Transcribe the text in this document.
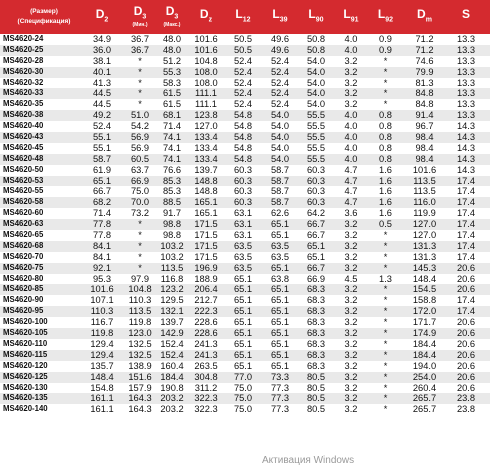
(Размер)
(Спецификация)
$D_2$
$D_3$
(Мин.)
$D_3$
(Макс.)
$D_z$ $L_{12}$ $L_{39}$ $L_{90}$ $L_{91}$ $L_{92}$ $D_m$	S
MS4620-24	34.9	36.7	48.0	101.6	50.5	49.6	50.8	4.0	0.9	71.2	13.3
MS4620-25	36.0	36.7	48.0	101.6	50.5	49.6	50.8	4.0	0.9	71.2	13.3
MS4620-28	38.1	*	51.2	104.8	52.4	52.4	54.0	3.2	*	74.6	13.3
MS4620-30	40.1	*	55.3	108.0	52.4	52.4	54.0	3.2	*	79.9	13.3
MS4620-32	41.3	*	58.3	108.0	52.4	52.4	54.0	3.2	*	81.3	13.3
MS4620-33	44.5	*	61.5	111.1	52.4	52.4	54.0	3.2	*	84.8	13.3
MS4620-35	44.5	*	61.5	111.1	52.4	52.4	54.0	3.2	*	84.8	13.3
MS4620-38	49.2	51.0	68.1	123.8	54.8	54.0	55.5	4.0	0.8	91.4	13.3
MS4620-40	52.4	54.2	71.4	127.0	54.8	54.0	55.5	4.0	0.8	96.7	14.3
MS4620-43	55.1	56.9	74.1	133.4	54.8	54.0	55.5	4.0	0.8	98.4	14.3
MS4620-45	55.1	56.9	74.1	133.4	54.8	54.0	55.5	4.0	0.8	98.4	14.3
MS4620-48	58.7	60.5	74.1	133.4	54.8	54.0	55.5	4.0	0.8	98.4	14.3
MS4620-50	61.9	63.7	76.6	139.7	60.3	58.7	60.3	4.7	1.6	101.6	14.3
MS4620-53	65.1	66.9	85.3	148.8	60.3	58.7	60.3	4.7	1.6	113.5	17.4
MS4620-55	66.7	75.0	85.3	148.8	60.3	58.7	60.3	4.7	1.6	113.5	17.4
MS4620-58	68.2	70.0	88.5	165.1	60.3	58.7	60.3	4.7	1.6	116.0	17.4
MS4620-60	71.4	73.2	91.7	165.1	63.1	62.6	64.2	3.6	1.6	119.9	17.4
MS4620-63	77.8	*	98.8	171.5	63.1	65.1	66.7	3.2	0.5	127.0	17.4
MS4620-65	77.8	*	98.8	171.5	63.1	65.1	66.7	3.2	*	127.0	17.4
MS4620-68	84.1	*	103.2	171.5	63.5	63.5	65.1	3.2	*	131.3	17.4
MS4620-70	84.1	*	103.2	171.5	63.5	63.5	65.1	3.2	*	131.3	17.4
MS4620-75	92.1	*	113.5	196.9	63.5	65.1	66.7	3.2	*	145.3	20.6
MS4620-80	95.3	97.9	116.8	188.9	65.1	63.8	66.9	4.5	1.3	148.4	20.6
MS4620-85	101.6	104.8 123.2	206.4	65.1	65.1	68.3	3.2	*	154.5	20.6
MS4620-90	107.1	110.3 129.5	212.7	65.1	65.1	68.3	3.2	*	158.8	17.4
MS4620-95	110.3	113.5 132.1	222.3	65.1	65.1	68.3	3.2	*	172.0	17.4
MS4620-100	116.7	119.8 139.7	228.6	65.1	65.1	68.3	3.2	*	171.7	20.6
MS4620-105	119.8	123.0 142.9	228.6	65.1	65.1	68.3	3.2	*	174.9	20.6
MS4620-110	129.4	132.5 152.4	241.3	65.1	65.1	68.3	3.2	*	184.4	20.6
MS4620-115	129.4	132.5 152.4	241.3	65.1	65.1	68.3	3.2	*	184.4	20.6
MS4620-120	135.7	138.9 160.4	263.5	65.1	65.1	68.3	3.2	*	194.0	20.6
MS4620-125	148.4	151.6 184.4	304.8	77.0	73.3	80.5	3.2	*	254.0	20.6
MS4620-130	154.8	157.9 190.8	311.2	75.0	77.3	80.5	3.2	*	260.4	20.6
MS4620-135	161.1	164.3 203.2	322.3	75.0	77.3	80.5	3.2	*	265.7	23.8
MS4620-140	161.1	164.3 203.2	322.3	75.0	77.3	80.5	3.2	*	265.7	23.8
Активация Windows
